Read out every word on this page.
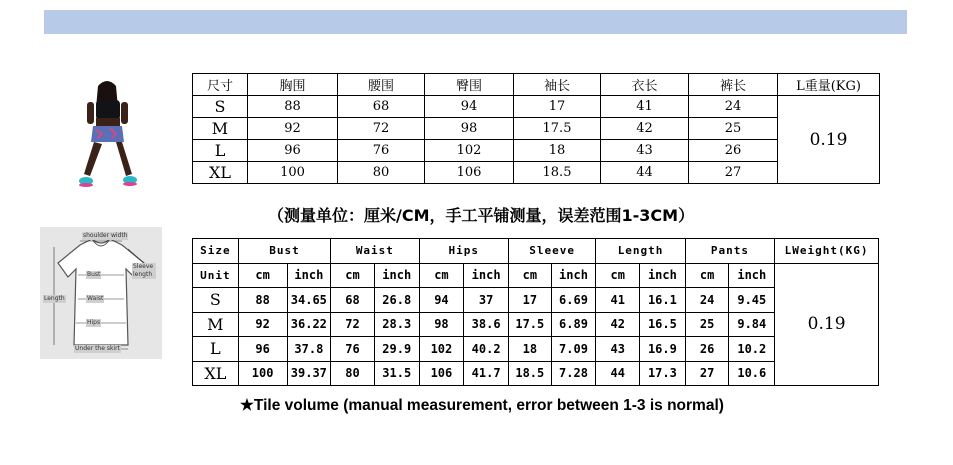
尺寸	胸围	腰围	臀围	袖长	衣长	裤长	L重量(KG)
S	88	68	94	17	41	24	0.19
M	92	72	98	17.5	42	25	
L	96	76	102	18	43	26	
XL	100	80	106	18.5	44	27	
（测量单位：厘米/CM，手工平铺测量，误差范围1-3CM）
shoulder width
Bust
Sleeve length
Waist
Length
Hips
Under the skirt
Size	Bust		Waist		Hips		Sleeve		Length		Pants		LWeight(KG)
Unit	cm	inch	cm	inch	cm	inch	cm	inch	cm	inch	cm	inch	0.19
S	88	34.65	68	26.8	94	37	17	6.69	41	16.1	24	9.45	
M	92	36.22	72	28.3	98	38.6	17.5	6.89	42	16.5	25	9.84	
L	96	37.8	76	29.9	102	40.2	18	7.09	43	16.9	26	10.2	
XL	100	39.37	80	31.5	106	41.7	18.5	7.28	44	17.3	27	10.6	
★Tile volume (manual measurement, error between 1-3 is normal)
